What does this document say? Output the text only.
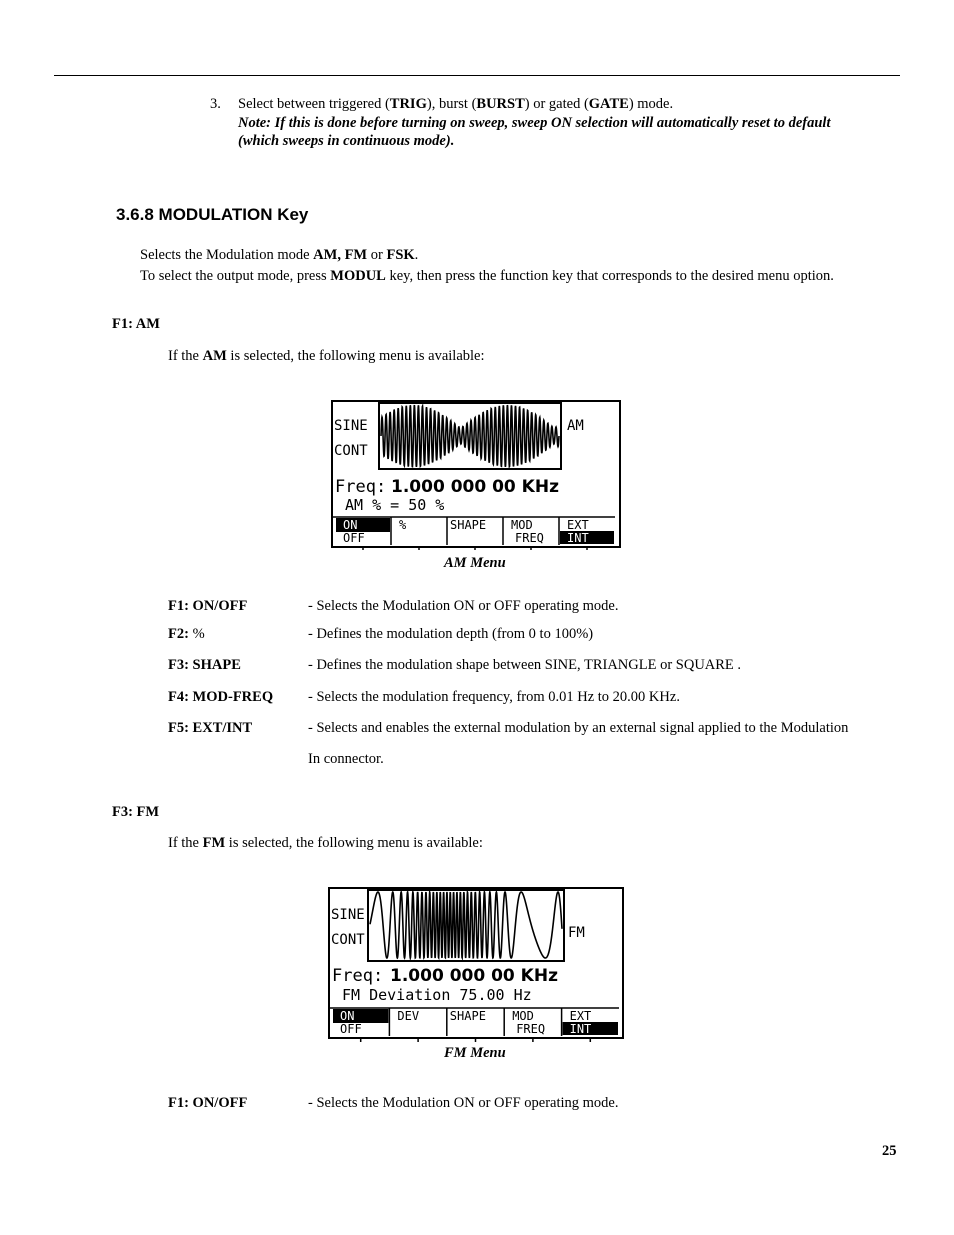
3. Select between triggered (TRIG), burst (BURST) or gated (GATE) mode.
Note: If this is done before turning on sweep, sweep ON selection will automatically reset to default
(which sweeps in continuous mode).
3.6.8 MODULATION Key
Selects the Modulation mode AM, FM or FSK.
To select the output mode, press MODUL key, then press the function key that corresponds to the desired menu option.
F1: AM
If the AM is selected, the following menu is available:
SINE
CONT
AM
Freq: 1.000 000 00 KHz
AM % = 50 %
ON
OFF
%	SHAPE MOD
FREQ
EXT
INT
AM Menu
F1: ON/OFF	- Selects the Modulation ON or OFF operating mode.
F2: %	- Defines the modulation depth (from 0 to 100%)
F3: SHAPE	- Defines the modulation shape between SINE, TRIANGLE or SQUARE .
F4: MOD-FREQ - Selects the modulation frequency, from 0.01 Hz to 20.00 KHz.
F5: EXT/INT	- Selects and enables the external modulation by an external signal applied to the Modulation
In connector.
F3: FM
If the FM is selected, the following menu is available:
SINE
CONT	FM
Freq: 1.000 000 00 KHz
FM Deviation 75.00 Hz
ON
OFF
DEV	SHAPE MOD
FREQ
EXT
INT
FM Menu
F1: ON/OFF	- Selects the Modulation ON or OFF operating mode.
25
